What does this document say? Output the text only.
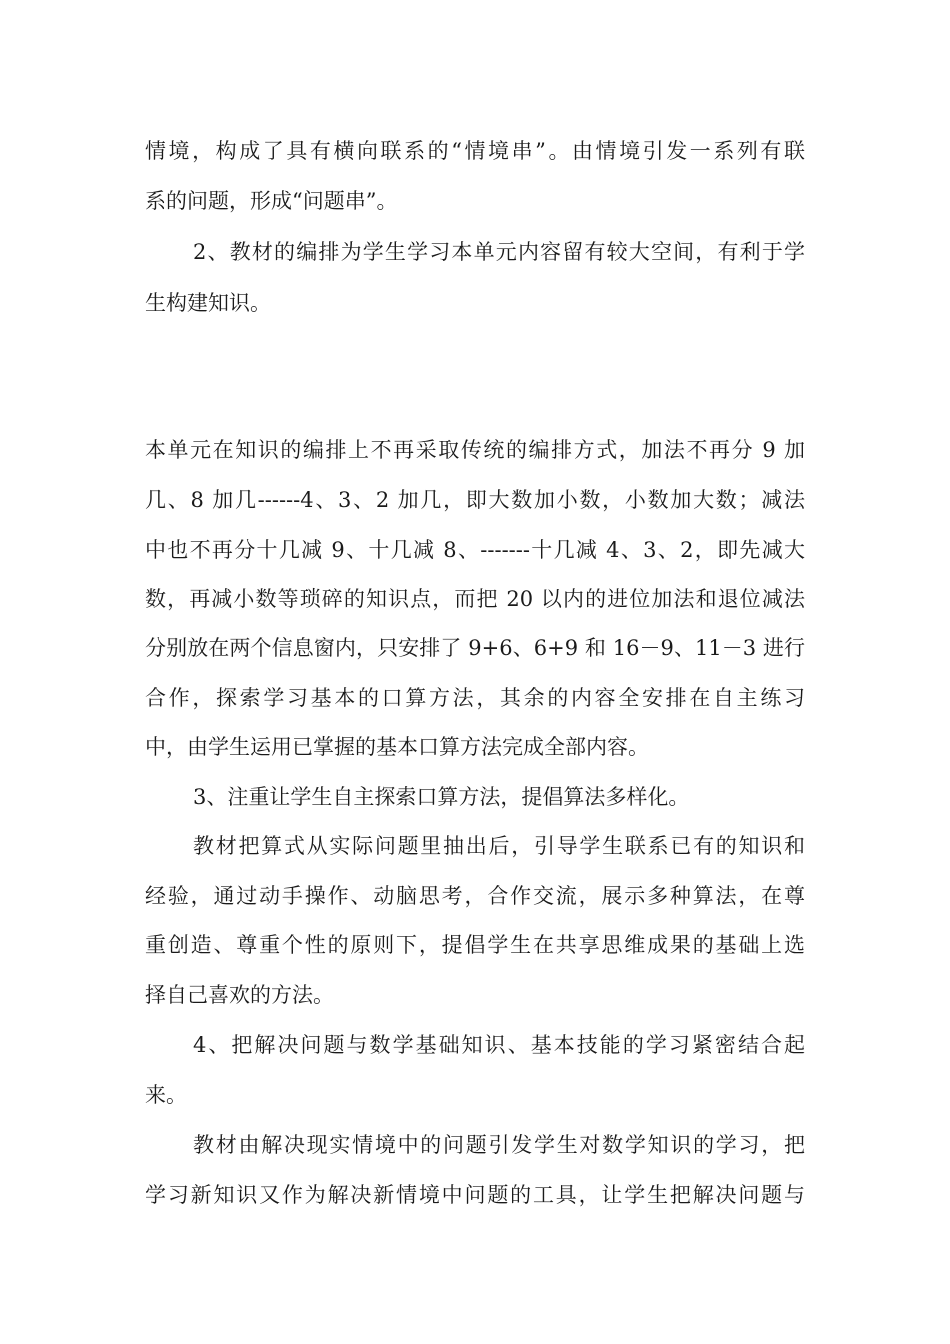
情境，构成了具有横向联系的“情境串”。由情境引发一系列有联
系的问题，形成“问题串”。
2、教材的编排为学生学习本单元内容留有较大空间，有利于学
生构建知识。
本单元在知识的编排上不再采取传统的编排方式，加法不再分 9 加
几、8 加几------4、3、2 加几，即大数加小数，小数加大数；减法
中也不再分十几减 9、十几减 8、-------十几减 4、3、2，即先减大
数，再减小数等琐碎的知识点，而把 20 以内的进位加法和退位减法
分别放在两个信息窗内，只安排了 9+6、6+9 和 16－9、11－3 进行
合作，探索学习基本的口算方法，其余的内容全安排在自主练习
中，由学生运用已掌握的基本口算方法完成全部内容。
3、注重让学生自主探索口算方法，提倡算法多样化。
教材把算式从实际问题里抽出后，引导学生联系已有的知识和
经验，通过动手操作、动脑思考，合作交流，展示多种算法，在尊
重创造、尊重个性的原则下，提倡学生在共享思维成果的基础上选
择自己喜欢的方法。
4、把解决问题与数学基础知识、基本技能的学习紧密结合起
来。
教材由解决现实情境中的问题引发学生对数学知识的学习，把
学习新知识又作为解决新情境中问题的工具，让学生把解决问题与
